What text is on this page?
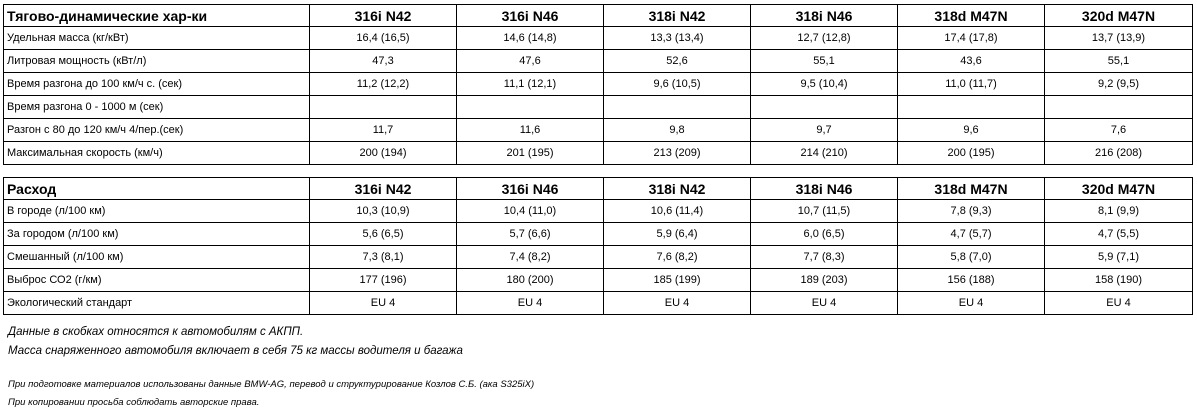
Тягово-динамические хар-ки	316i N42	316i N46	318i N42	318i N46	318d M47N	320d M47N
Удельная масса (кг/кВт)	16,4 (16,5)	14,6 (14,8)	13,3 (13,4)	12,7 (12,8)	17,4 (17,8)	13,7 (13,9)
Литровая мощность (кВт/л)	47,3	47,6	52,6	55,1	43,6	55,1
Время разгона до 100 км/ч с. (сек)	11,2 (12,2)	11,1 (12,1)	9,6 (10,5)	9,5 (10,4)	11,0 (11,7)	9,2 (9,5)
Время разгона 0 - 1000 м (сек)						
Разгон с 80 до 120 км/ч 4/пер.(сек)	11,7	11,6	9,8	9,7	9,6	7,6
Максимальная скорость (км/ч)	200 (194)	201 (195)	213 (209)	214 (210)	200 (195)	216 (208)
Расход	316i N42	316i N46	318i N42	318i N46	318d M47N	320d M47N
В городе (л/100 км)	10,3 (10,9)	10,4 (11,0)	10,6 (11,4)	10,7 (11,5)	7,8 (9,3)	8,1 (9,9)
За городом (л/100 км)	5,6 (6,5)	5,7 (6,6)	5,9 (6,4)	6,0 (6,5)	4,7 (5,7)	4,7 (5,5)
Смешанный (л/100 км)	7,3 (8,1)	7,4 (8,2)	7,6 (8,2)	7,7 (8,3)	5,8 (7,0)	5,9 (7,1)
Выброс СО2 (г/км)	177 (196)	180 (200)	185 (199)	189 (203)	156 (188)	158 (190)
Экологический стандарт	EU 4	EU 4	EU 4	EU 4	EU 4	EU 4
Данные в скобках относятся к автомобилям с АКПП.
Масса снаряженного автомобиля включает в себя 75 кг массы водителя и багажа
При подготовке материалов использованы данные BMW-AG, перевод и структурирование Козлов С.Б. (ака S325iX)
При копировании просьба соблюдать авторские права.
